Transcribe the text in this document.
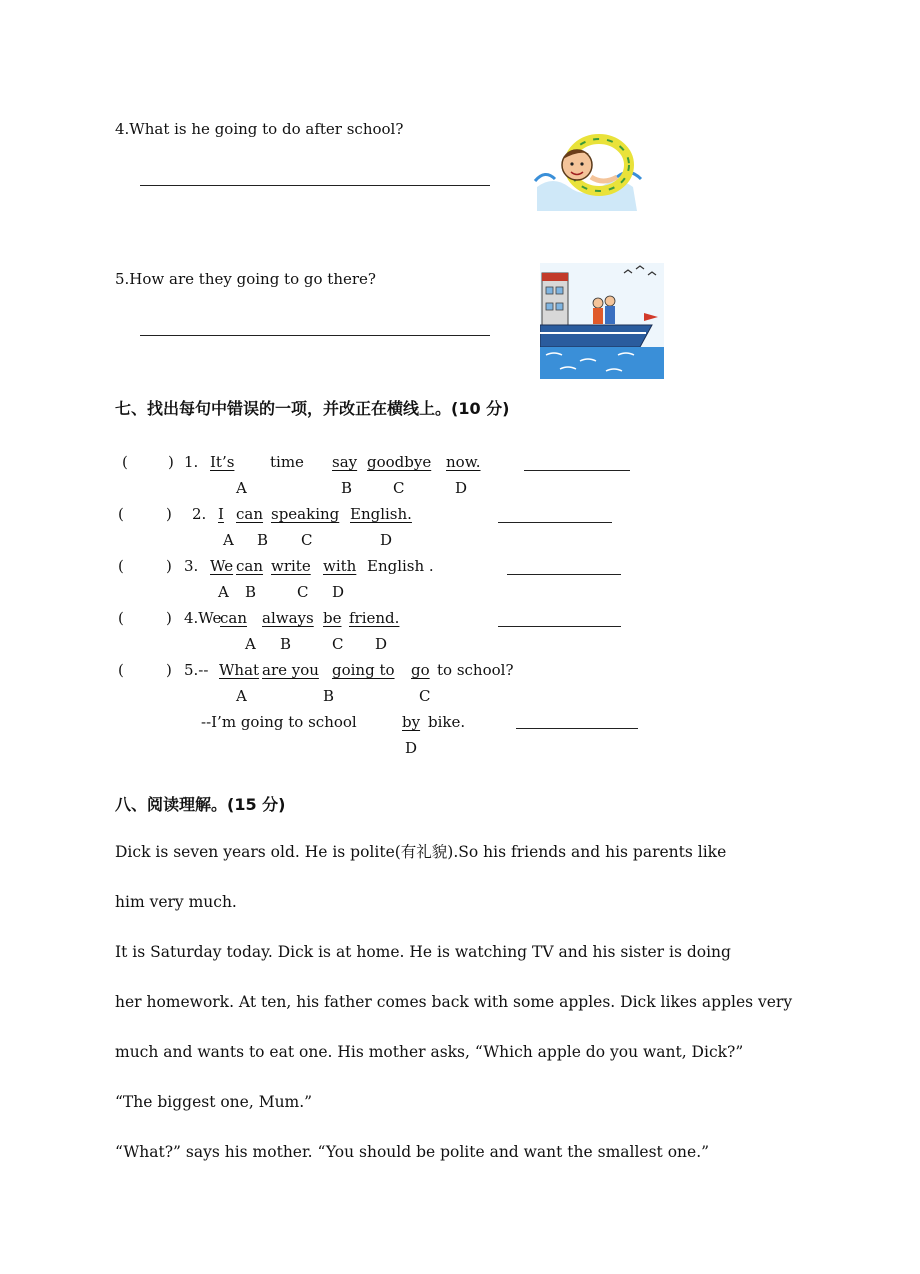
4.What is he going to do after school?
5.How are they going to go there?
七、找出每句中错误的一项，并改正在横线上。(10 分)
(	) 1. It’s time say goodbye now.
A	B	C	D
(	) 2. I can speaking English.
A B C	D
(	) 3. We can write with English .
A B	C D
(	) 4.We
can always be friend.
A B	C D
(	) 5.-- What are you going to go to school?
A	B	C
--I’m going to school	by bike.
D
八、阅读理解。(15 分)
Dick is seven years old. He is polite(有礼貌).So his friends and his parents like
him very much.
It is Saturday today. Dick is at home. He is watching TV and his sister is doing
her homework. At ten, his father comes back with some apples. Dick likes apples very
much and wants to eat one. His mother asks, “Which apple do you want, Dick?”
“The biggest one, Mum.”
“What?” says his mother. “You should be polite and want the smallest one.”
